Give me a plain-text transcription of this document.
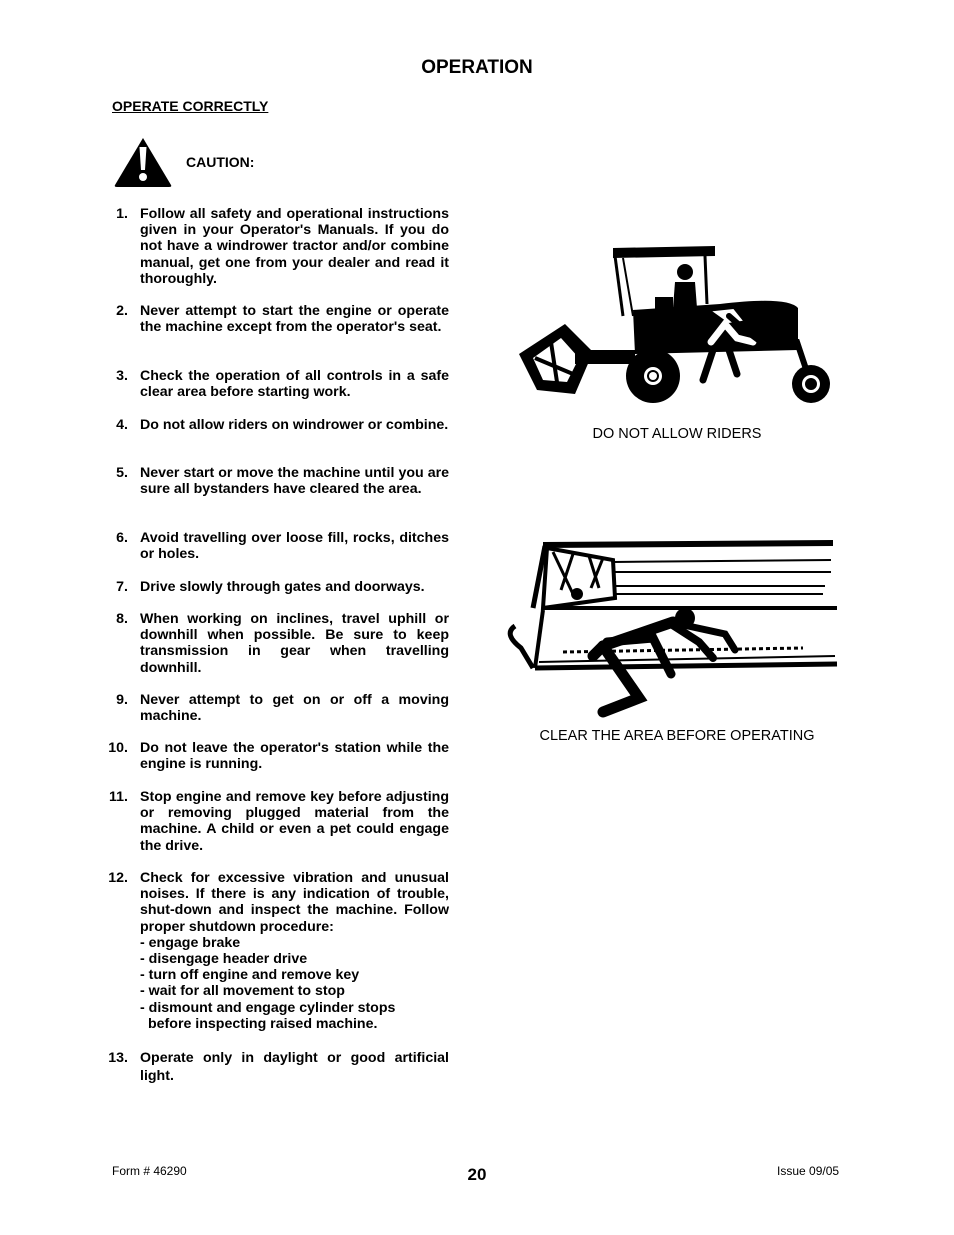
OPERATION
OPERATE CORRECTLY
CAUTION:
1. Follow all safety and operational instructions given in your Operator's Manuals. If you do not have a windrower tractor and/or combine manual, get one from your dealer and read it thoroughly.
2. Never attempt to start the engine or operate the machine except from the operator's seat.
3. Check the operation of all controls in a safe clear area before starting work.
4. Do not allow riders on windrower or combine.
5. Never start or move the machine until you are sure all bystanders have cleared the area.
6. Avoid travelling over loose fill, rocks, ditches or holes.
7. Drive slowly through gates and doorways.
8. When working on inclines, travel uphill or downhill when possible. Be sure to keep transmission in gear when travelling downhill.
9. Never attempt to get on or off a moving machine.
10. Do not leave the operator's station while the engine is running.
11. Stop engine and remove key before adjusting or removing plugged material from the machine. A child or even a pet could engage the drive.
12. Check for excessive vibration and unusual noises. If there is any indication of trouble, shut-down and inspect the machine. Follow proper shutdown procedure:
- engage brake
- disengage header drive
- turn off engine and remove key
- wait for all movement to stop
- dismount and engage cylinder stops
before inspecting raised machine.
13. Operate only in daylight or good artificial light.
DO NOT ALLOW RIDERS
CLEAR THE AREA BEFORE OPERATING
Form # 46290	20	Issue 09/05
